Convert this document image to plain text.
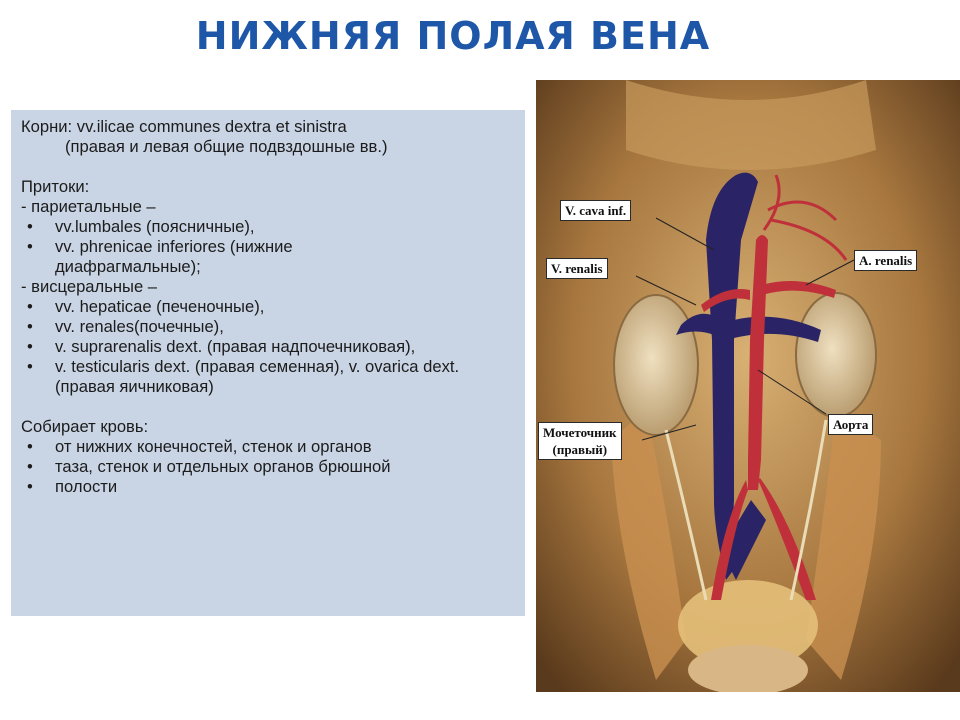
НИЖНЯЯ ПОЛАЯ ВЕНА
Корни: vv.ilicae communes dextra et sinistra
(правая и левая общие подвздошные вв.)
Притоки:
- париетальные –
•	vv.lumbales (поясничные),
•	vv. phrenicae inferiores (нижние диафрагмальные);
- висцеральные –
•	vv. hepaticae (печеночные),
•	vv. renales(почечные),
•	v. suprarenalis dext. (правая надпочечниковая),
•	v. testicularis dext. (правая семенная), v. ovarica dext. (правая яичниковая)
Собирает кровь:
•	от нижних конечностей, стенок и органов
•	таза, стенок и отдельных органов брюшной
•	полости
V. cava inf.
V. renalis
A. renalis
Аорта
Мочеточник
(правый)
